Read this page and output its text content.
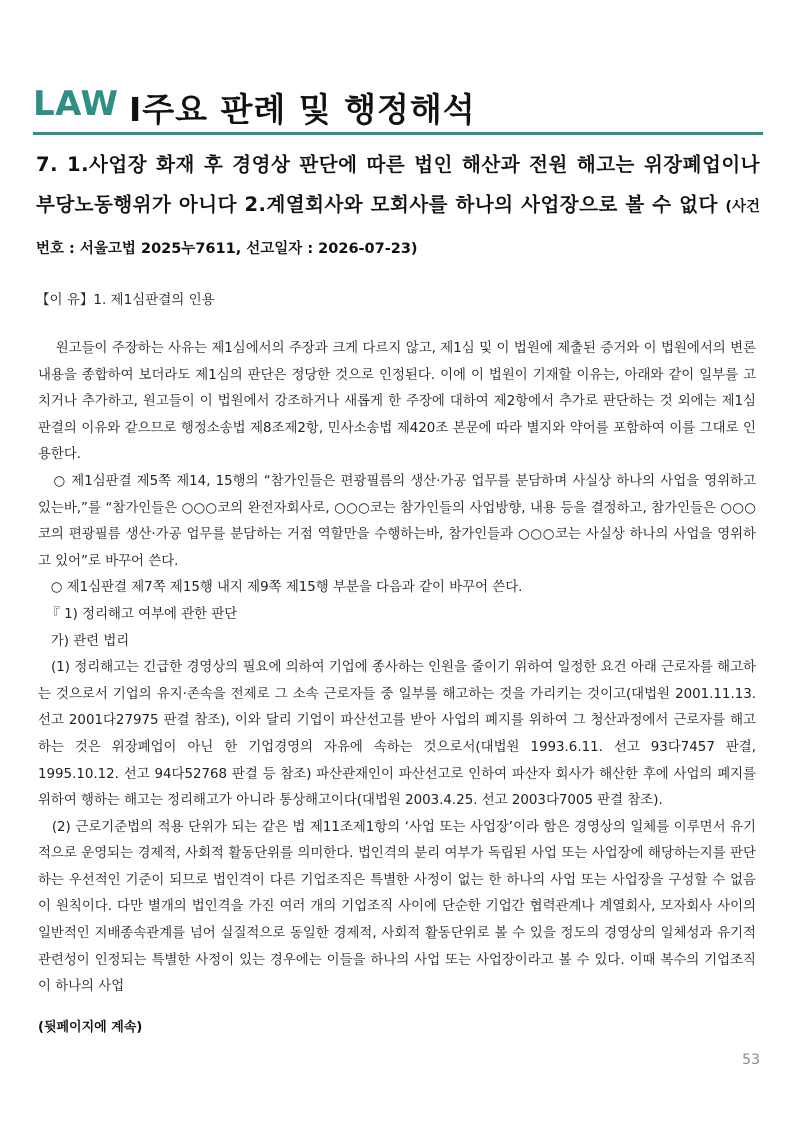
LAW Ⅰ주요 판례 및 행정해석
7. 1.사업장 화재 후 경영상 판단에 따른 법인 해산과 전원 해고는 위장폐업이나 부당노동행위가 아니다 2.계열회사와 모회사를 하나의 사업장으로 볼 수 없다 (사건번호 : 서울고법 2025누7611, 선고일자 : 2026-07-23)
【이 유】1. 제1심판결의 인용

원고들이 주장하는 사유는 제1심에서의 주장과 크게 다르지 않고, 제1심 및 이 법원에 제출된 증거와 이 법원에서의 변론 내용을 종합하여 보더라도 제1심의 판단은 정당한 것으로 인정된다. 이에 이 법원이 기재할 이유는, 아래와 같이 일부를 고치거나 추가하고, 원고들이 이 법원에서 강조하거나 새롭게 한 주장에 대하여 제2항에서 추가로 판단하는 것 외에는 제1심판결의 이유와 같으므로 행정소송법 제8조제2항, 민사소송법 제420조 본문에 따라 별지와 약어를 포함하여 이를 그대로 인용한다.

○ 제1심판결 제5쪽 제14, 15행의 “참가인들은 편광필름의 생산·가공 업무를 분담하며 사실상 하나의 사업을 영위하고 있는바,”를 “참가인들은 ○○○코의 완전자회사로, ○○○코는 참가인들의 사업방향, 내용 등을 결정하고, 참가인들은 ○○○코의 편광필름 생산·가공 업무를 분담하는 거점 역할만을 수행하는바, 참가인들과 ○○○코는 사실상 하나의 사업을 영위하고 있어”로 바꾸어 쓴다.

○ 제1심판결 제7쪽 제15행 내지 제9쪽 제15행 부분을 다음과 같이 바꾸어 쓴다.

『 1) 정리해고 여부에 관한 판단

가) 관련 법리

(1) 정리해고는 긴급한 경영상의 필요에 의하여 기업에 종사하는 인원을 줄이기 위하여 일정한 요건 아래 근로자를 해고하는 것으로서 기업의 유지·존속을 전제로 그 소속 근로자들 중 일부를 해고하는 것을 가리키는 것이고(대법원 2001.11.13. 선고 2001다27975 판결 참조), 이와 달리 기업이 파산선고를 받아 사업의 폐지를 위하여 그 청산과정에서 근로자를 해고하는 것은 위장폐업이 아닌 한 기업경영의 자유에 속하는 것으로서(대법원 1993.6.11. 선고 93다7457 판결, 1995.10.12. 선고 94다52768 판결 등 참조) 파산관재인이 파산선고로 인하여 파산자 회사가 해산한 후에 사업의 폐지를 위하여 행하는 해고는 정리해고가 아니라 통상해고이다(대법원 2003.4.25. 선고 2003다7005 판결 참조).

(2) 근로기준법의 적용 단위가 되는 같은 법 제11조제1항의 ‘사업 또는 사업장’이라 함은 경영상의 일체를 이루면서 유기적으로 운영되는 경제적, 사회적 활동단위를 의미한다. 법인격의 분리 여부가 독립된 사업 또는 사업장에 해당하는지를 판단하는 우선적인 기준이 되므로 법인격이 다른 기업조직은 특별한 사정이 없는 한 하나의 사업 또는 사업장을 구성할 수 없음이 원칙이다. 다만 별개의 법인격을 가진 여러 개의 기업조직 사이에 단순한 기업간 협력관계나 계열회사, 모자회사 사이의 일반적인 지배종속관계를 넘어 실질적으로 동일한 경제적, 사회적 활동단위로 볼 수 있을 정도의 경영상의 일체성과 유기적 관련성이 인정되는 특별한 사정이 있는 경우에는 이들을 하나의 사업 또는 사업장이라고 볼 수 있다. 이때 복수의 기업조직이 하나의 사업

(뒷페이지에 계속)
53
